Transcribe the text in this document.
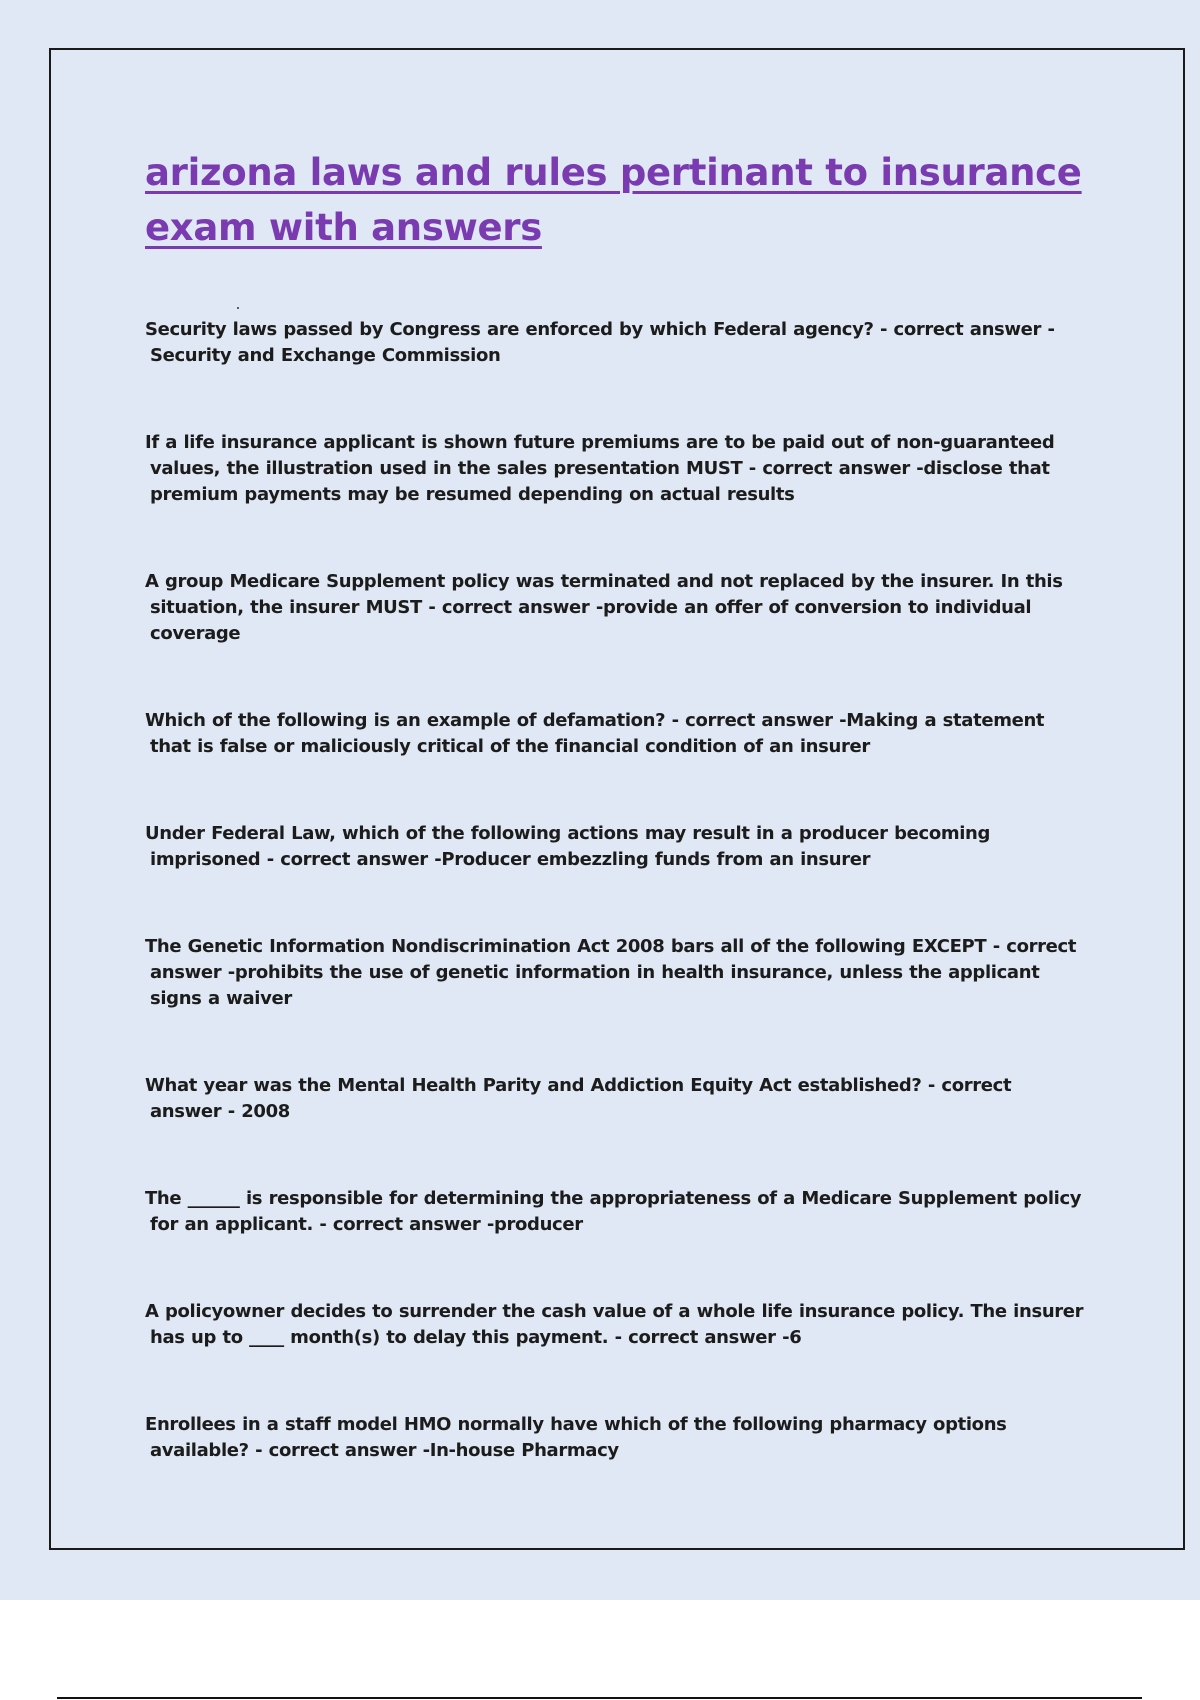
arizona laws and rules pertinant to insurance exam with answers

Security laws passed by Congress are enforced by which Federal agency? - correct answer -Security and Exchange Commission

If a life insurance applicant is shown future premiums are to be paid out of non-guaranteed values, the illustration used in the sales presentation MUST - correct answer -disclose that premium payments may be resumed depending on actual results

A group Medicare Supplement policy was terminated and not replaced by the insurer. In this situation, the insurer MUST - correct answer -provide an offer of conversion to individual coverage

Which of the following is an example of defamation? - correct answer -Making a statement that is false or maliciously critical of the financial condition of an insurer

Under Federal Law, which of the following actions may result in a producer becoming imprisoned - correct answer -Producer embezzling funds from an insurer

The Genetic Information Nondiscrimination Act 2008 bars all of the following EXCEPT - correct answer -prohibits the use of genetic information in health insurance, unless the applicant signs a waiver

What year was the Mental Health Parity and Addiction Equity Act established? - correct answer - 2008

The ______ is responsible for determining the appropriateness of a Medicare Supplement policy for an applicant. - correct answer -producer

A policyowner decides to surrender the cash value of a whole life insurance policy. The insurer has up to ____ month(s) to delay this payment. - correct answer -6

Enrollees in a staff model HMO normally have which of the following pharmacy options available? - correct answer -In-house Pharmacy
